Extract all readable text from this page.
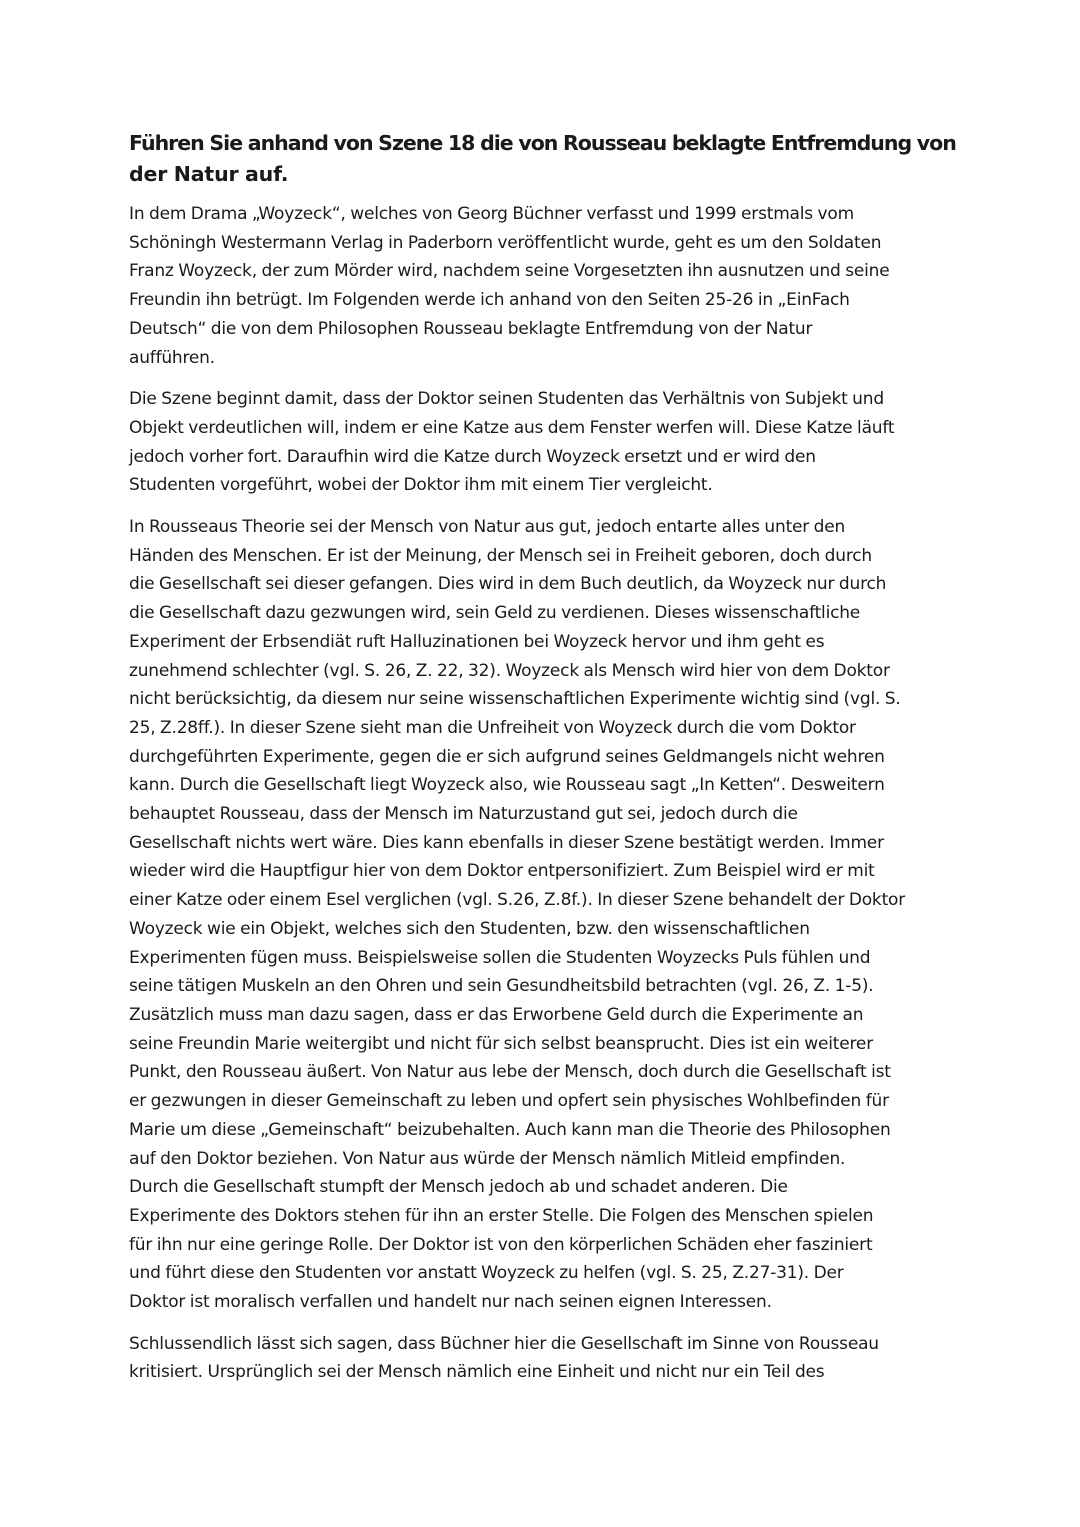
Führen Sie anhand von Szene 18 die von Rousseau beklagte Entfremdung von
der Natur auf.

In dem Drama „Woyzeck“, welches von Georg Büchner verfasst und 1999 erstmals vom
Schöningh Westermann Verlag in Paderborn veröffentlicht wurde, geht es um den Soldaten
Franz Woyzeck, der zum Mörder wird, nachdem seine Vorgesetzten ihn ausnutzen und seine
Freundin ihn betrügt. Im Folgenden werde ich anhand von den Seiten 25-26 in „EinFach
Deutsch“ die von dem Philosophen Rousseau beklagte Entfremdung von der Natur
aufführen.

Die Szene beginnt damit, dass der Doktor seinen Studenten das Verhältnis von Subjekt und
Objekt verdeutlichen will, indem er eine Katze aus dem Fenster werfen will. Diese Katze läuft
jedoch vorher fort. Daraufhin wird die Katze durch Woyzeck ersetzt und er wird den
Studenten vorgeführt, wobei der Doktor ihm mit einem Tier vergleicht.

In Rousseaus Theorie sei der Mensch von Natur aus gut, jedoch entarte alles unter den
Händen des Menschen. Er ist der Meinung, der Mensch sei in Freiheit geboren, doch durch
die Gesellschaft sei dieser gefangen. Dies wird in dem Buch deutlich, da Woyzeck nur durch
die Gesellschaft dazu gezwungen wird, sein Geld zu verdienen. Dieses wissenschaftliche
Experiment der Erbsendiät ruft Halluzinationen bei Woyzeck hervor und ihm geht es
zunehmend schlechter (vgl. S. 26, Z. 22, 32). Woyzeck als Mensch wird hier von dem Doktor
nicht berücksichtig, da diesem nur seine wissenschaftlichen Experimente wichtig sind (vgl. S.
25, Z.28ff.). In dieser Szene sieht man die Unfreiheit von Woyzeck durch die vom Doktor
durchgeführten Experimente, gegen die er sich aufgrund seines Geldmangels nicht wehren
kann. Durch die Gesellschaft liegt Woyzeck also, wie Rousseau sagt „In Ketten“. Desweitern
behauptet Rousseau, dass der Mensch im Naturzustand gut sei, jedoch durch die
Gesellschaft nichts wert wäre. Dies kann ebenfalls in dieser Szene bestätigt werden. Immer
wieder wird die Hauptfigur hier von dem Doktor entpersonifiziert. Zum Beispiel wird er mit
einer Katze oder einem Esel verglichen (vgl. S.26, Z.8f.). In dieser Szene behandelt der Doktor
Woyzeck wie ein Objekt, welches sich den Studenten, bzw. den wissenschaftlichen
Experimenten fügen muss. Beispielsweise sollen die Studenten Woyzecks Puls fühlen und
seine tätigen Muskeln an den Ohren und sein Gesundheitsbild betrachten (vgl. 26, Z. 1-5).
Zusätzlich muss man dazu sagen, dass er das Erworbene Geld durch die Experimente an
seine Freundin Marie weitergibt und nicht für sich selbst beansprucht. Dies ist ein weiterer
Punkt, den Rousseau äußert. Von Natur aus lebe der Mensch, doch durch die Gesellschaft ist
er gezwungen in dieser Gemeinschaft zu leben und opfert sein physisches Wohlbefinden für
Marie um diese „Gemeinschaft“ beizubehalten. Auch kann man die Theorie des Philosophen
auf den Doktor beziehen. Von Natur aus würde der Mensch nämlich Mitleid empfinden.
Durch die Gesellschaft stumpft der Mensch jedoch ab und schadet anderen. Die
Experimente des Doktors stehen für ihn an erster Stelle. Die Folgen des Menschen spielen
für ihn nur eine geringe Rolle. Der Doktor ist von den körperlichen Schäden eher fasziniert
und führt diese den Studenten vor anstatt Woyzeck zu helfen (vgl. S. 25, Z.27-31). Der
Doktor ist moralisch verfallen und handelt nur nach seinen eignen Interessen.

Schlussendlich lässt sich sagen, dass Büchner hier die Gesellschaft im Sinne von Rousseau
kritisiert. Ursprünglich sei der Mensch nämlich eine Einheit und nicht nur ein Teil des
